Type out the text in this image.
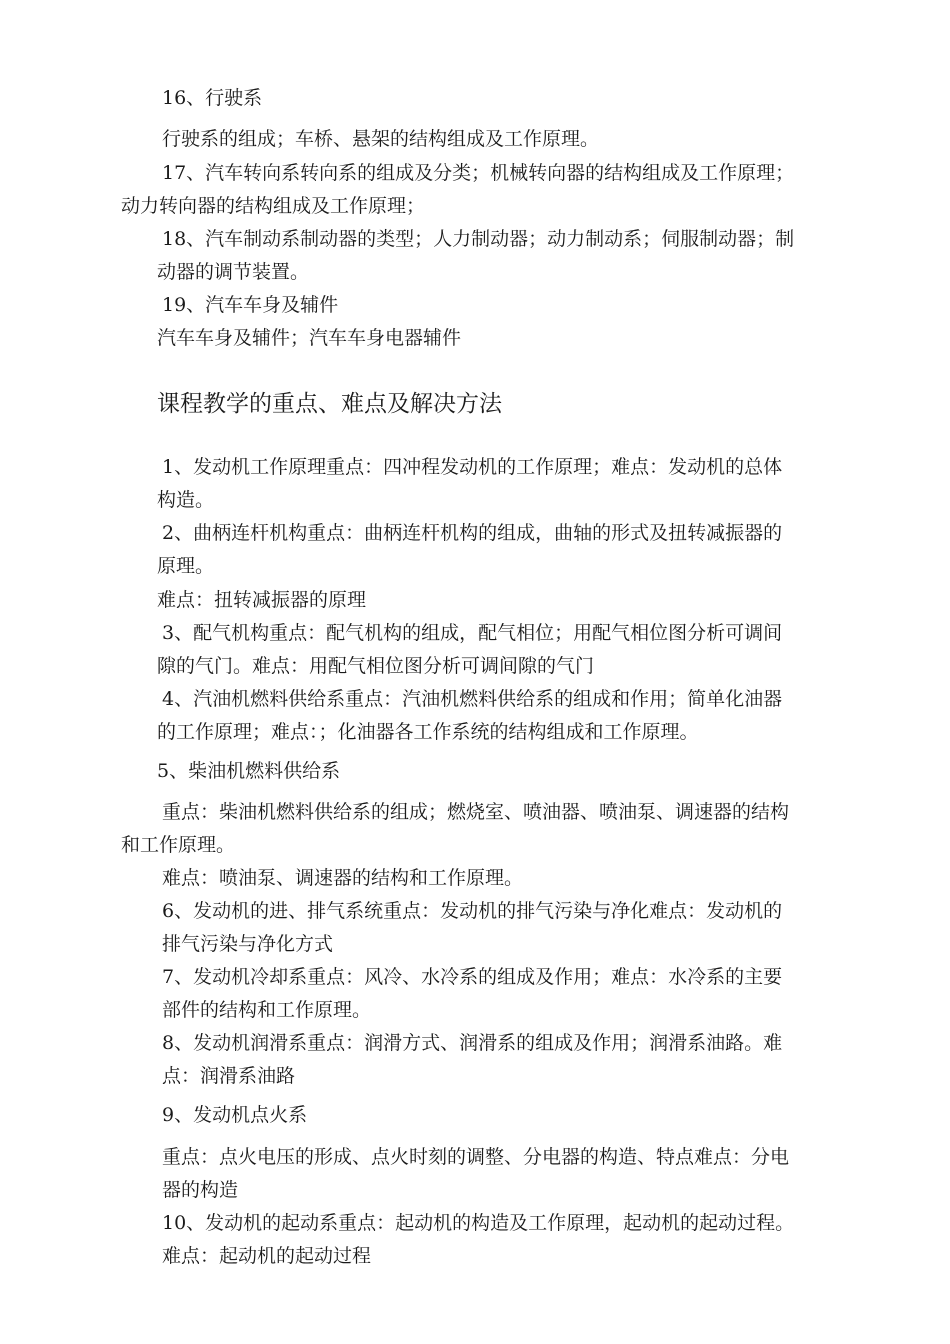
16、行驶系
行驶系的组成；车桥、悬架的结构组成及工作原理。
17、汽车转向系转向系的组成及分类；机械转向器的结构组成及工作原理；
动力转向器的结构组成及工作原理；
18、汽车制动系制动器的类型；人力制动器；动力制动系；伺服制动器；制
动器的调节装置。
19、汽车车身及辅件
汽车车身及辅件；汽车车身电器辅件
课程教学的重点、难点及解决方法
1、发动机工作原理重点：四冲程发动机的工作原理；难点：发动机的总体
构造。
2、曲柄连杆机构重点：曲柄连杆机构的组成，曲轴的形式及扭转减振器的
原理。
难点：扭转减振器的原理
3、配气机构重点：配气机构的组成，配气相位；用配气相位图分析可调间
隙的气门。难点：用配气相位图分析可调间隙的气门
4、汽油机燃料供给系重点：汽油机燃料供给系的组成和作用；简单化油器
的工作原理；难点：；化油器各工作系统的结构组成和工作原理。
5、柴油机燃料供给系
重点：柴油机燃料供给系的组成；燃烧室、喷油器、喷油泵、调速器的结构
和工作原理。
难点：喷油泵、调速器的结构和工作原理。
6、发动机的进、排气系统重点：发动机的排气污染与净化难点：发动机的
排气污染与净化方式
7、发动机冷却系重点：风冷、水冷系的组成及作用；难点：水冷系的主要
部件的结构和工作原理。
8、发动机润滑系重点：润滑方式、润滑系的组成及作用；润滑系油路。难
点：润滑系油路
9、发动机点火系
重点：点火电压的形成、点火时刻的调整、分电器的构造、特点难点：分电
器的构造
10、发动机的起动系重点：起动机的构造及工作原理，起动机的起动过程。
难点：起动机的起动过程
